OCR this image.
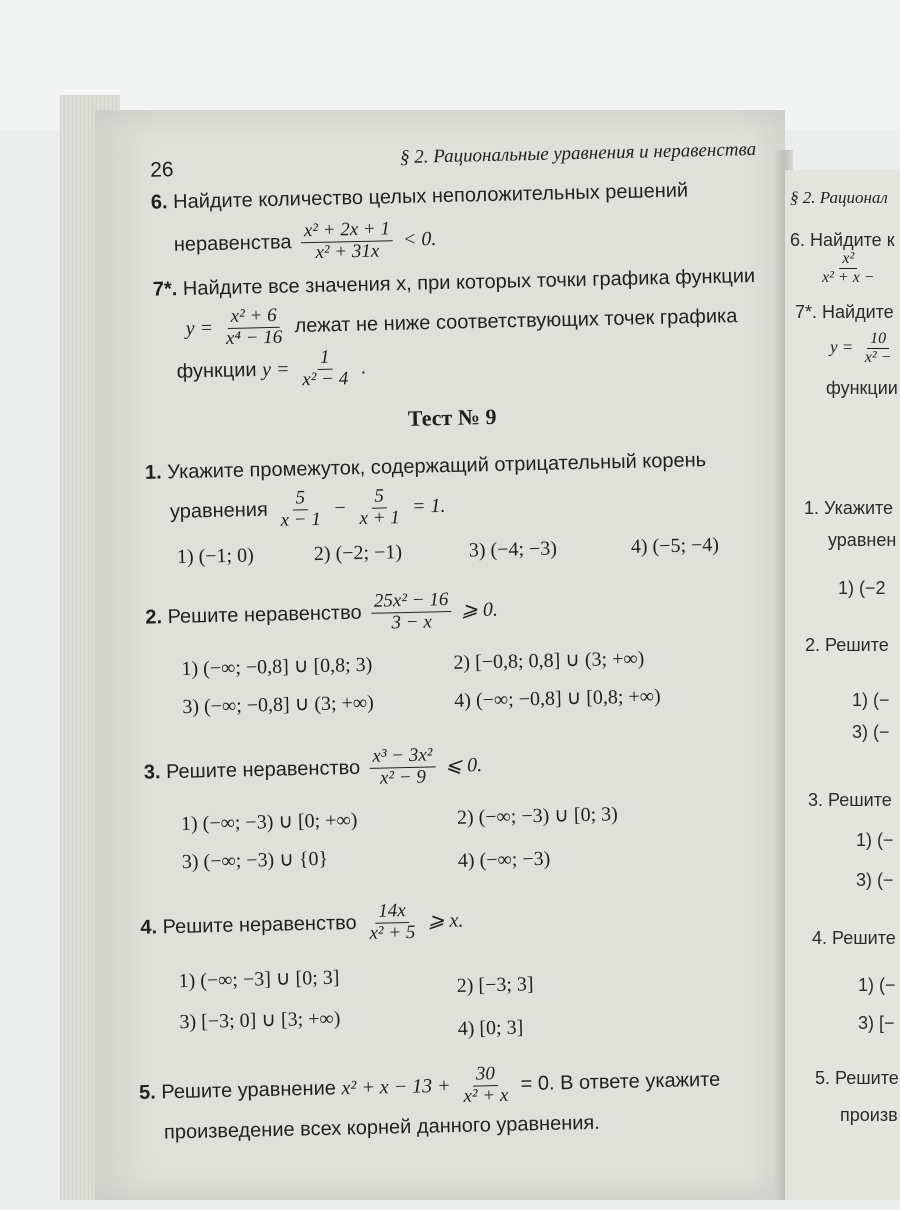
26
§ 2. Рациональные уравнения и неравенства
6. Найдите количество целых неположительных решений
неравенства $\frac{\text{x² + 2x + 1}}{\text{x² + 31x}} < 0$.
7*. Найдите все значения x, при которых точки графика функции
$y = \frac{\text{x² + 6}}{\text{x⁴ − 16}}$ лежат не ниже соответствующих точек графика
функции $y = \frac{1}{\text{x² − 4}}$ .
Тест № 9
1. Укажите промежуток, содержащий отрицательный корень
уравнения $\frac{5}{x - 1} - \frac{5}{x + 1} = 1$.
1) (−1; 0)	2) (−2; −1)	3) (−4; −3)	4) (−5; −4)
2. Решите неравенство $\frac{\text{25x² − 16}}{3 - x}$ ⩾ 0.
1) (−∞; −0,8] ∪ [0,8; 3)	2) [−0,8; 0,8] ∪ (3; +∞)
3) (−∞; −0,8] ∪ (3; +∞)	4) (−∞; −0,8] ∪ [0,8; +∞)
3. Решите неравенство $\frac{\text{x³ − 3x²}}{\text{x² − 9}}$ ⩽ 0.
1) (−∞; −3) ∪ [0; +∞)	2) (−∞; −3) ∪ [0; 3)
3) (−∞; −3) ∪ {0}	4) (−∞; −3)
4. Решите неравенство $\frac{14x}{\text{x² + 5}}$ ⩾ x.
1) (−∞; −3] ∪ [0; 3]	2) [−3; 3]
3) [−3; 0] ∪ [3; +∞)	4) [0; 3]
5. Решите уравнение $x^2 + x - 13 + \frac{30}{\text{x² + x}} = 0$. В ответе укажите
произведение всех корней данного уравнения.
§ 2. Рационал
6. Найдите к
$\frac{\text{x²}}{\text{x² + x −}}$
7*. Найдите
$y = \frac{10}{\text{x² −}}$
функции
1. Укажите
уравнен
1) (−2
2. Решите
1) (−
3) (−
3. Решите
1) (−
3) (−
4. Решите
1) (−
3) [−
5. Решите
произв
